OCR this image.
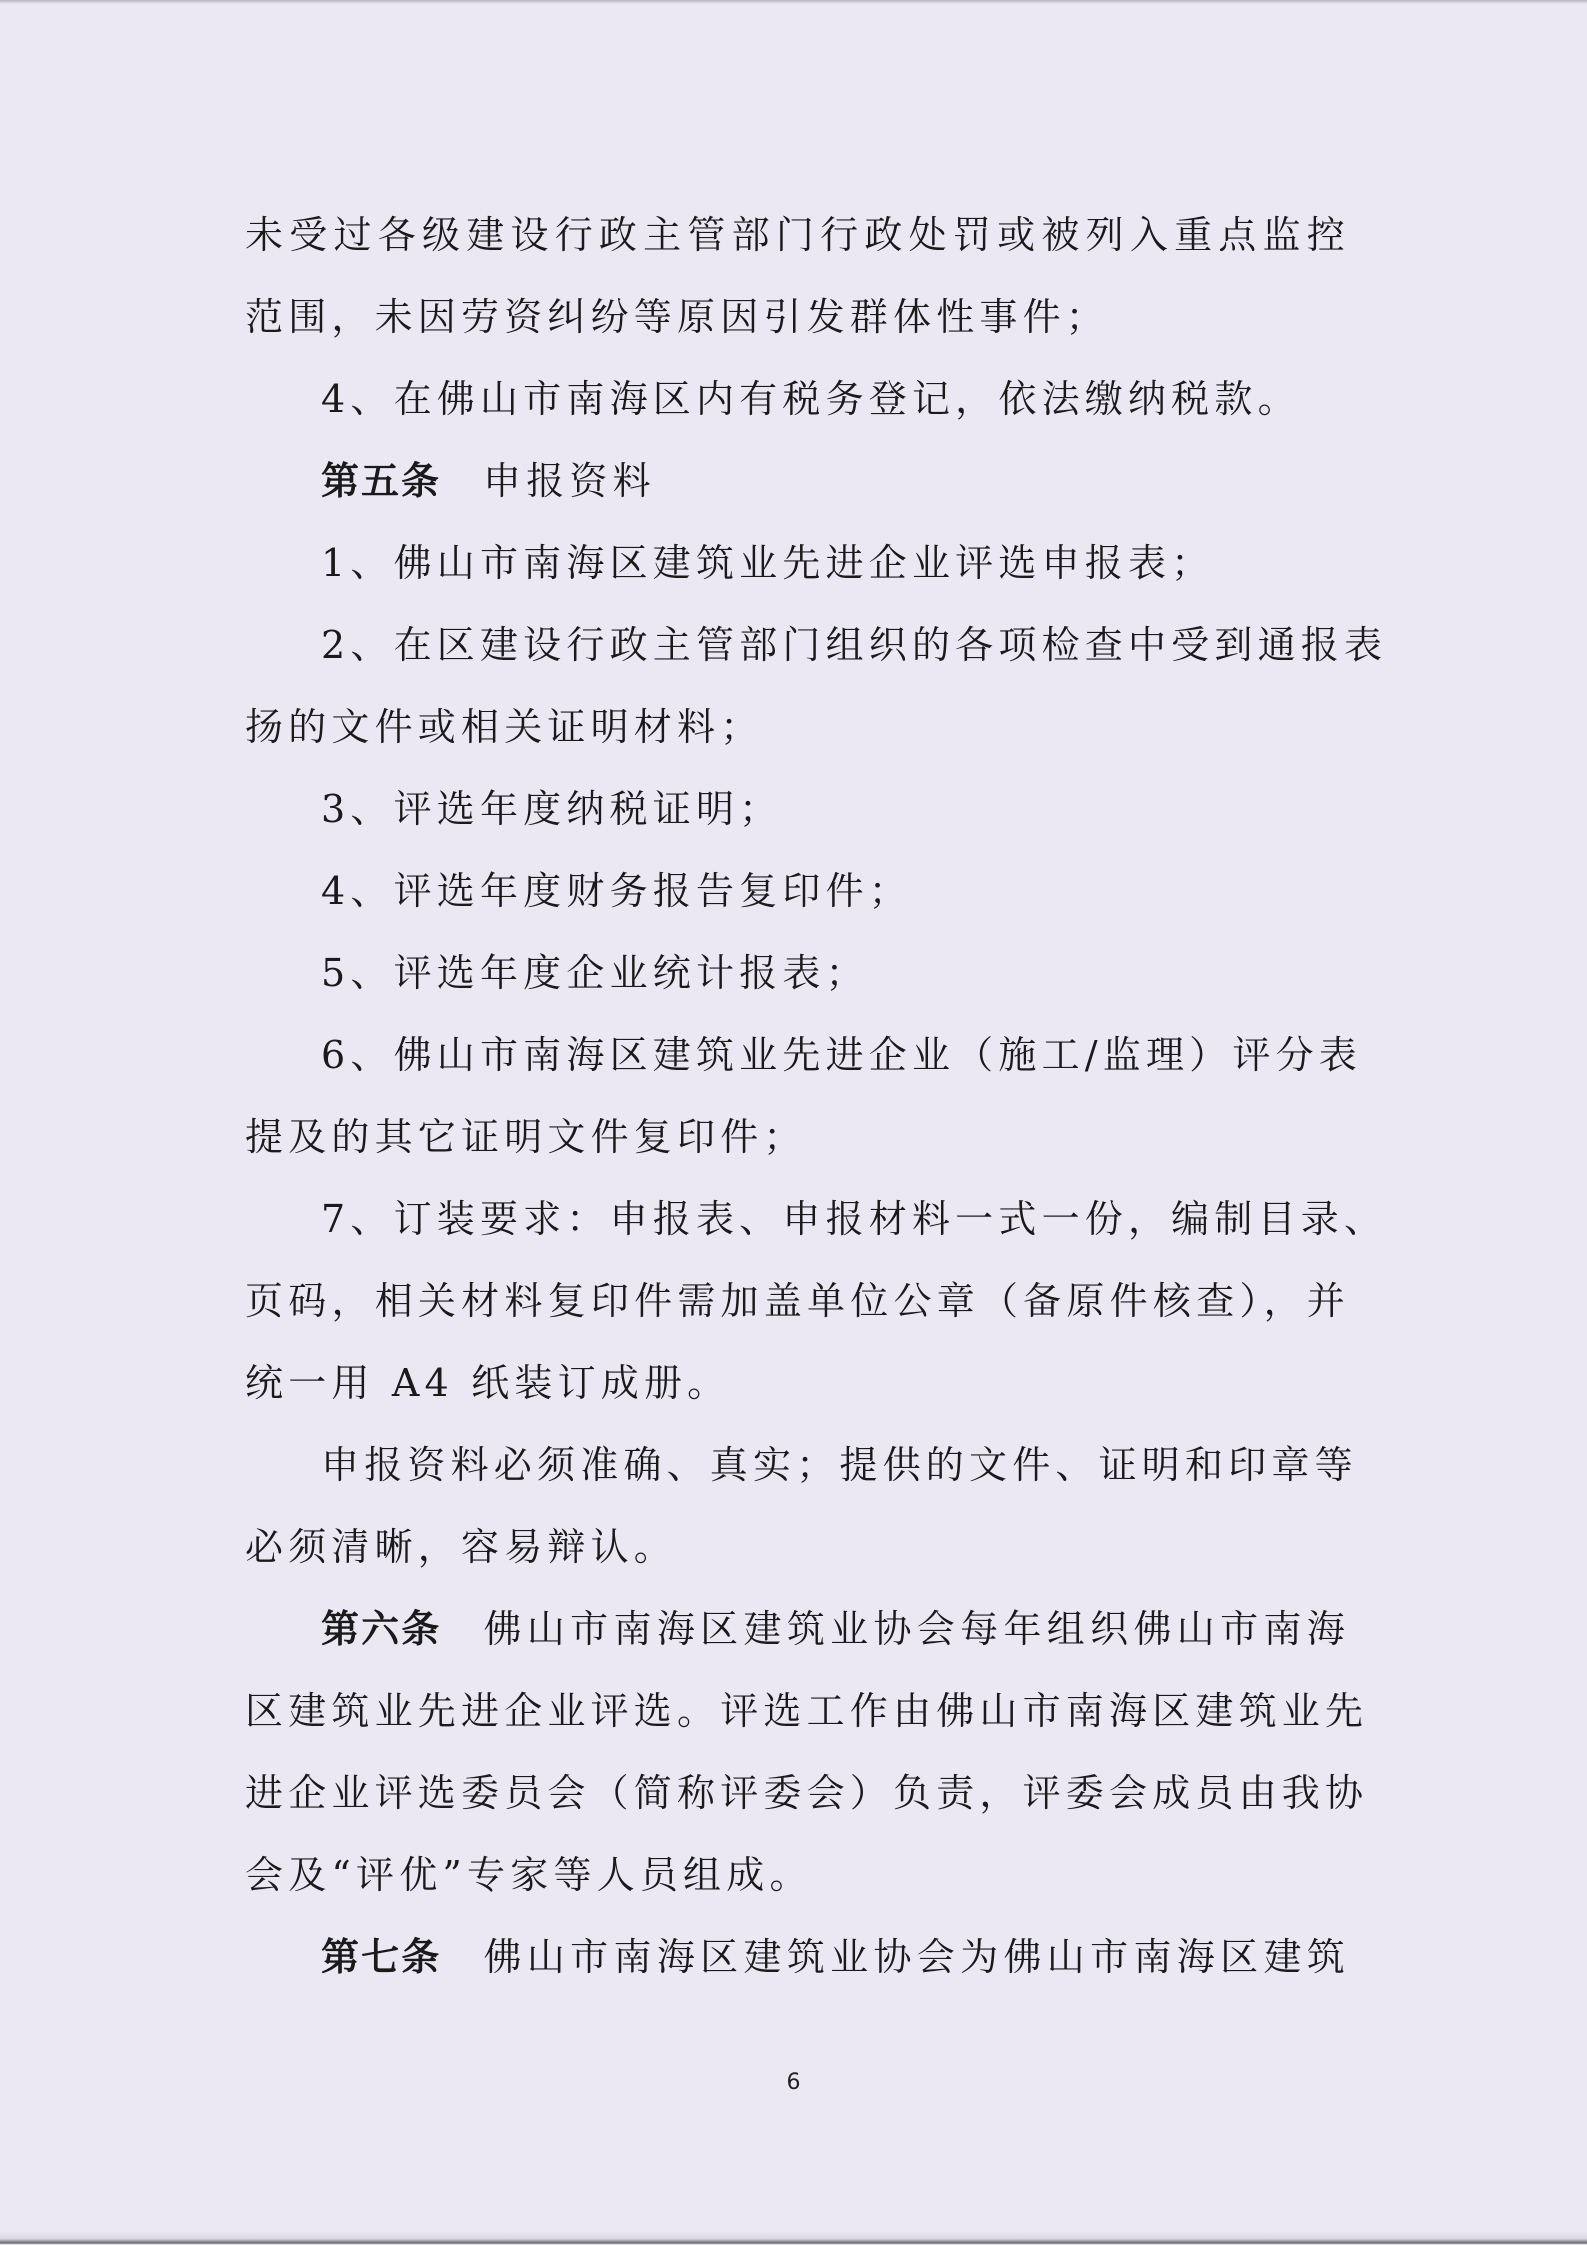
未受过各级建设行政主管部门行政处罚或被列入重点监控
范围，未因劳资纠纷等原因引发群体性事件；
4、在佛山市南海区内有税务登记，依法缴纳税款。
第五条 申报资料
1、佛山市南海区建筑业先进企业评选申报表；
2、在区建设行政主管部门组织的各项检查中受到通报表
扬的文件或相关证明材料；
3、评选年度纳税证明；
4、评选年度财务报告复印件；
5、评选年度企业统计报表；
6、佛山市南海区建筑业先进企业（施工/监理）评分表
提及的其它证明文件复印件；
7、订装要求：申报表、申报材料一式一份，编制目录、
页码，相关材料复印件需加盖单位公章（备原件核查），并
统一用 A4 纸装订成册。
申报资料必须准确、真实；提供的文件、证明和印章等
必须清晰，容易辩认。
第六条 佛山市南海区建筑业协会每年组织佛山市南海
区建筑业先进企业评选。评选工作由佛山市南海区建筑业先
进企业评选委员会（简称评委会）负责，评委会成员由我协
会及“评优”专家等人员组成。
第七条 佛山市南海区建筑业协会为佛山市南海区建筑
6
